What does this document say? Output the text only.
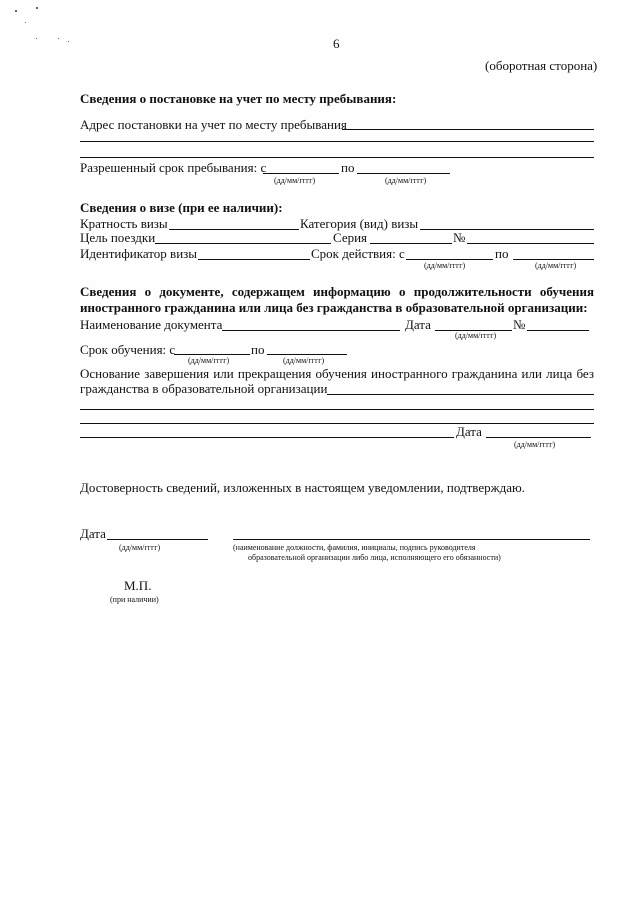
6
(оборотная сторона)
Сведения о постановке на учет по месту пребывания:
Адрес постановки на учет по месту пребывания
Разрешенный срок пребывания: с	по
(дд/мм/гггг)	(дд/мм/гггг)
Сведения о визе (при ее наличии):
Кратность визы	Категория (вид) визы
Цель поездки	Серия	№
Идентификатор визы	Срок действия: с	по
(дд/мм/гггг)	(дд/мм/гггг)
Сведения о документе, содержащем информацию о продолжительности обучения
иностранного гражданина или лица без гражданства в образовательной организации:
Наименование документа	Дата	№
(дд/мм/гггг)
Срок обучения: с	по
(дд/мм/гггг)	(дд/мм/гггг)
Основание завершения или прекращения обучения иностранного гражданина или лица без
гражданства в образовательной организации
Дата
(дд/мм/гггг)
Достоверность сведений, изложенных в настоящем уведомлении, подтверждаю.
Дата
(дд/мм/гггг)	(наименование должности, фамилия, инициалы, подпись руководителя
образовательной организации либо лица, исполняющего его обязанности)
М.П.
(при наличии)
